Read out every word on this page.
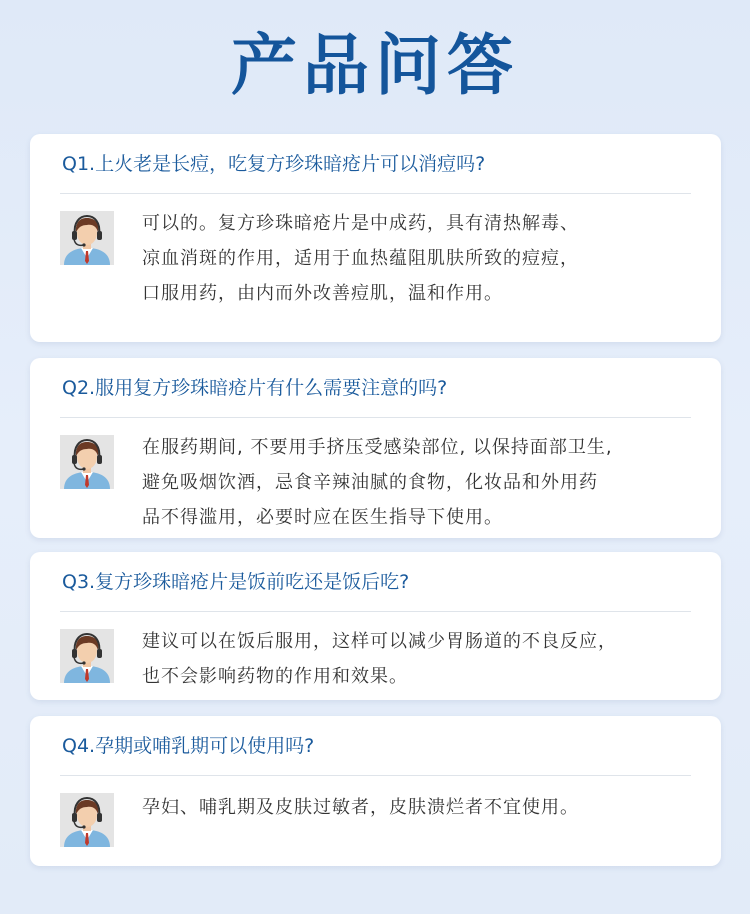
产品问答
Q1.上火老是长痘，吃复方珍珠暗疮片可以消痘吗?
可以的。复方珍珠暗疮片是中成药，具有清热解毒、
凉血消斑的作用，适用于血热蕴阻肌肤所致的痘痘，
口服用药，由内而外改善痘肌，温和作用。
Q2.服用复方珍珠暗疮片有什么需要注意的吗?
在服药期间, 不要用手挤压受感染部位, 以保持面部卫生,
避免吸烟饮酒，忌食辛辣油腻的食物，化妆品和外用药
品不得滥用，必要时应在医生指导下使用。
Q3.复方珍珠暗疮片是饭前吃还是饭后吃?
建议可以在饭后服用，这样可以减少胃肠道的不良反应，
也不会影响药物的作用和效果。
Q4.孕期或哺乳期可以使用吗?
孕妇、哺乳期及皮肤过敏者，皮肤溃烂者不宜使用。
